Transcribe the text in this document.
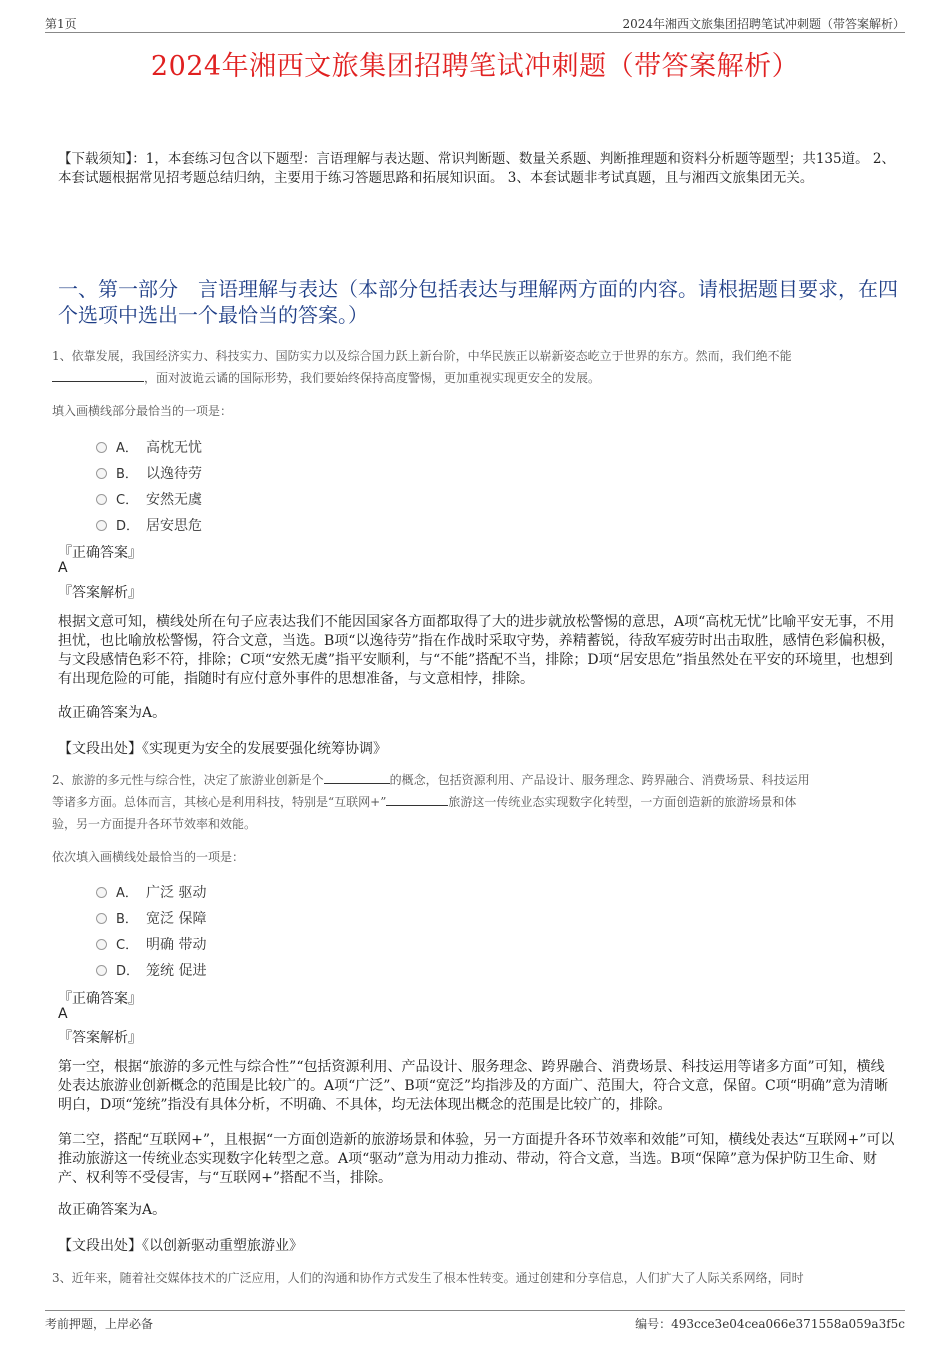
第1页	2024年湘西文旅集团招聘笔试冲刺题（带答案解析）
2024年湘西文旅集团招聘笔试冲刺题（带答案解析）
【下载须知】：1，本套练习包含以下题型：言语理解与表达题、常识判断题、数量关系题、判断推理题和资料分析题等题型；共135道。 2、本套试题根据常见招考题总结归纳，主要用于练习答题思路和拓展知识面。 3、本套试题非考试真题，且与湘西文旅集团无关。
一、第一部分　言语理解与表达（本部分包括表达与理解两方面的内容。请根据题目要求，在四个选项中选出一个最恰当的答案。）
1、依靠发展，我国经济实力、科技实力、国防实力以及综合国力跃上新台阶，中华民族正以崭新姿态屹立于世界的东方。然而，我们绝不能
，面对波诡云谲的国际形势，我们要始终保持高度警惕，更加重视实现更安全的发展。
填入画横线部分最恰当的一项是：
A． 高枕无忧
B． 以逸待劳
C． 安然无虞
D． 居安思危
『正确答案』
A
『答案解析』
根据文意可知，横线处所在句子应表达我们不能因国家各方面都取得了大的进步就放松警惕的意思，A项“高枕无忧”比喻平安无事，不用担忧，也比喻放松警惕，符合文意，当选。B项“以逸待劳”指在作战时采取守势，养精蓄锐，待敌军疲劳时出击取胜，感情色彩偏积极，与文段感情色彩不符，排除；C项“安然无虞”指平安顺利，与“不能”搭配不当，排除；D项“居安思危”指虽然处在平安的环境里，也想到有出现危险的可能，指随时有应付意外事件的思想准备，与文意相悖，排除。
故正确答案为A。
【文段出处】《实现更为安全的发展要强化统筹协调》
2、旅游的多元性与综合性，决定了旅游业创新是个	的概念，包括资源利用、产品设计、服务理念、跨界融合、消费场景、科技运用
等诸多方面。总体而言，其核心是利用科技，特别是“互联网+”	旅游这一传统业态实现数字化转型，一方面创造新的旅游场景和体
验，另一方面提升各环节效率和效能。
依次填入画横线处最恰当的一项是：
A． 广泛 驱动
B． 宽泛 保障
C． 明确 带动
D． 笼统 促进
『正确答案』
A
『答案解析』
第一空，根据“旅游的多元性与综合性”“包括资源利用、产品设计、服务理念、跨界融合、消费场景、科技运用等诸多方面”可知，横线处表达旅游业创新概念的范围是比较广的。A项“广泛”、B项“宽泛”均指涉及的方面广、范围大，符合文意，保留。C项“明确”意为清晰明白，D项“笼统”指没有具体分析，不明确、不具体，均无法体现出概念的范围是比较广的，排除。
第二空，搭配“互联网+”，且根据“一方面创造新的旅游场景和体验，另一方面提升各环节效率和效能”可知，横线处表达“互联网+”可以推动旅游这一传统业态实现数字化转型之意。A项“驱动”意为用动力推动、带动，符合文意，当选。B项“保障”意为保护防卫生命、财产、权利等不受侵害，与“互联网+”搭配不当，排除。
故正确答案为A。
【文段出处】《以创新驱动重塑旅游业》
3、近年来，随着社交媒体技术的广泛应用，人们的沟通和协作方式发生了根本性转变。通过创建和分享信息，人们扩大了人际关系网络，同时
考前押题，上岸必备	编号：493cce3e04cea066e371558a059a3f5c
